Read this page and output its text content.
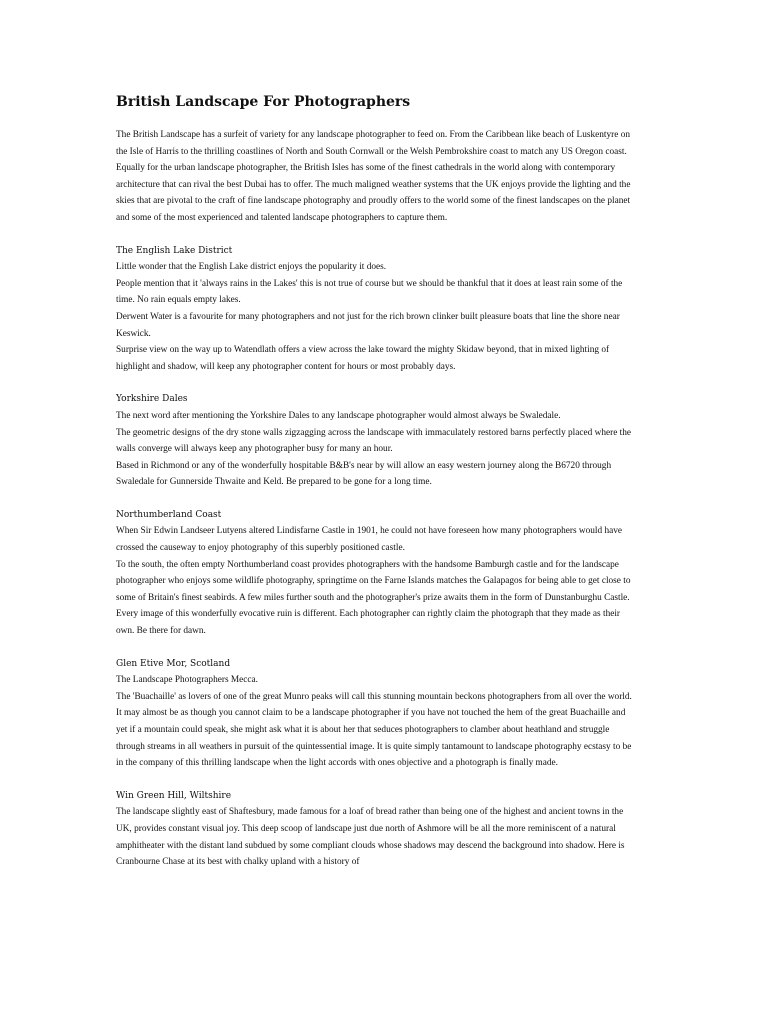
British Landscape For Photographers

The British Landscape has a surfeit of variety for any landscape photographer to feed on. From the Caribbean like beach of Luskentyre on the Isle of Harris to the thrilling coastlines of North and South Cornwall or the Welsh Pembrokshire coast to match any US Oregon coast. Equally for the urban landscape photographer, the British Isles has some of the finest cathedrals in the world along with contemporary architecture that can rival the best Dubai has to offer. The much maligned weather systems that the UK enjoys provide the lighting and the skies that are pivotal to the craft of fine landscape photography and proudly offers to the world some of the finest landscapes on the planet and some of the most experienced and talented landscape photographers to capture them.

The English Lake District

Little wonder that the English Lake district enjoys the popularity it does.

People mention that it 'always rains in the Lakes' this is not true of course but we should be thankful that it does at least rain some of the time. No rain equals empty lakes.

Derwent Water is a favourite for many photographers and not just for the rich brown clinker built pleasure boats that line the shore near Keswick.

Surprise view on the way up to Watendlath offers a view across the lake toward the mighty Skidaw beyond, that in mixed lighting of highlight and shadow, will keep any photographer content for hours or most probably days.

Yorkshire Dales

The next word after mentioning the Yorkshire Dales to any landscape photographer would almost always be Swaledale.

The geometric designs of the dry stone walls zigzagging across the landscape with immaculately restored barns perfectly placed where the walls converge will always keep any photographer busy for many an hour.

Based in Richmond or any of the wonderfully hospitable B&B's near by will allow an easy western journey along the B6720 through Swaledale for Gunnerside Thwaite and Keld. Be prepared to be gone for a long time.

Northumberland Coast

When Sir Edwin Landseer Lutyens altered Lindisfarne Castle in 1901, he could not have foreseen how many photographers would have crossed the causeway to enjoy photography of this superbly positioned castle.

To the south, the often empty Northumberland coast provides photographers with the handsome Bamburgh castle and for the landscape photographer who enjoys some wildlife photography, springtime on the Farne Islands matches the Galapagos for being able to get close to some of Britain's finest seabirds. A few miles further south and the photographer's prize awaits them in the form of Dunstanburghu Castle. Every image of this wonderfully evocative ruin is different. Each photographer can rightly claim the photograph that they made as their own. Be there for dawn.

Glen Etive Mor, Scotland

The Landscape Photographers Mecca.

The 'Buachaille' as lovers of one of the great Munro peaks will call this stunning mountain beckons photographers from all over the world. It may almost be as though you cannot claim to be a landscape photographer if you have not touched the hem of the great Buachaille and yet if a mountain could speak, she might ask what it is about her that seduces photographers to clamber about heathland and struggle through streams in all weathers in pursuit of the quintessential image. It is quite simply tantamount to landscape photography ecstasy to be in the company of this thrilling landscape when the light accords with ones objective and a photograph is finally made.

Win Green Hill, Wiltshire

The landscape slightly east of Shaftesbury, made famous for a loaf of bread rather than being one of the highest and ancient towns in the UK, provides constant visual joy. This deep scoop of landscape just due north of Ashmore will be all the more reminiscent of a natural amphitheater with the distant land subdued by some compliant clouds whose shadows may descend the background into shadow. Here is Cranbourne Chase at its best with chalky upland with a history of
